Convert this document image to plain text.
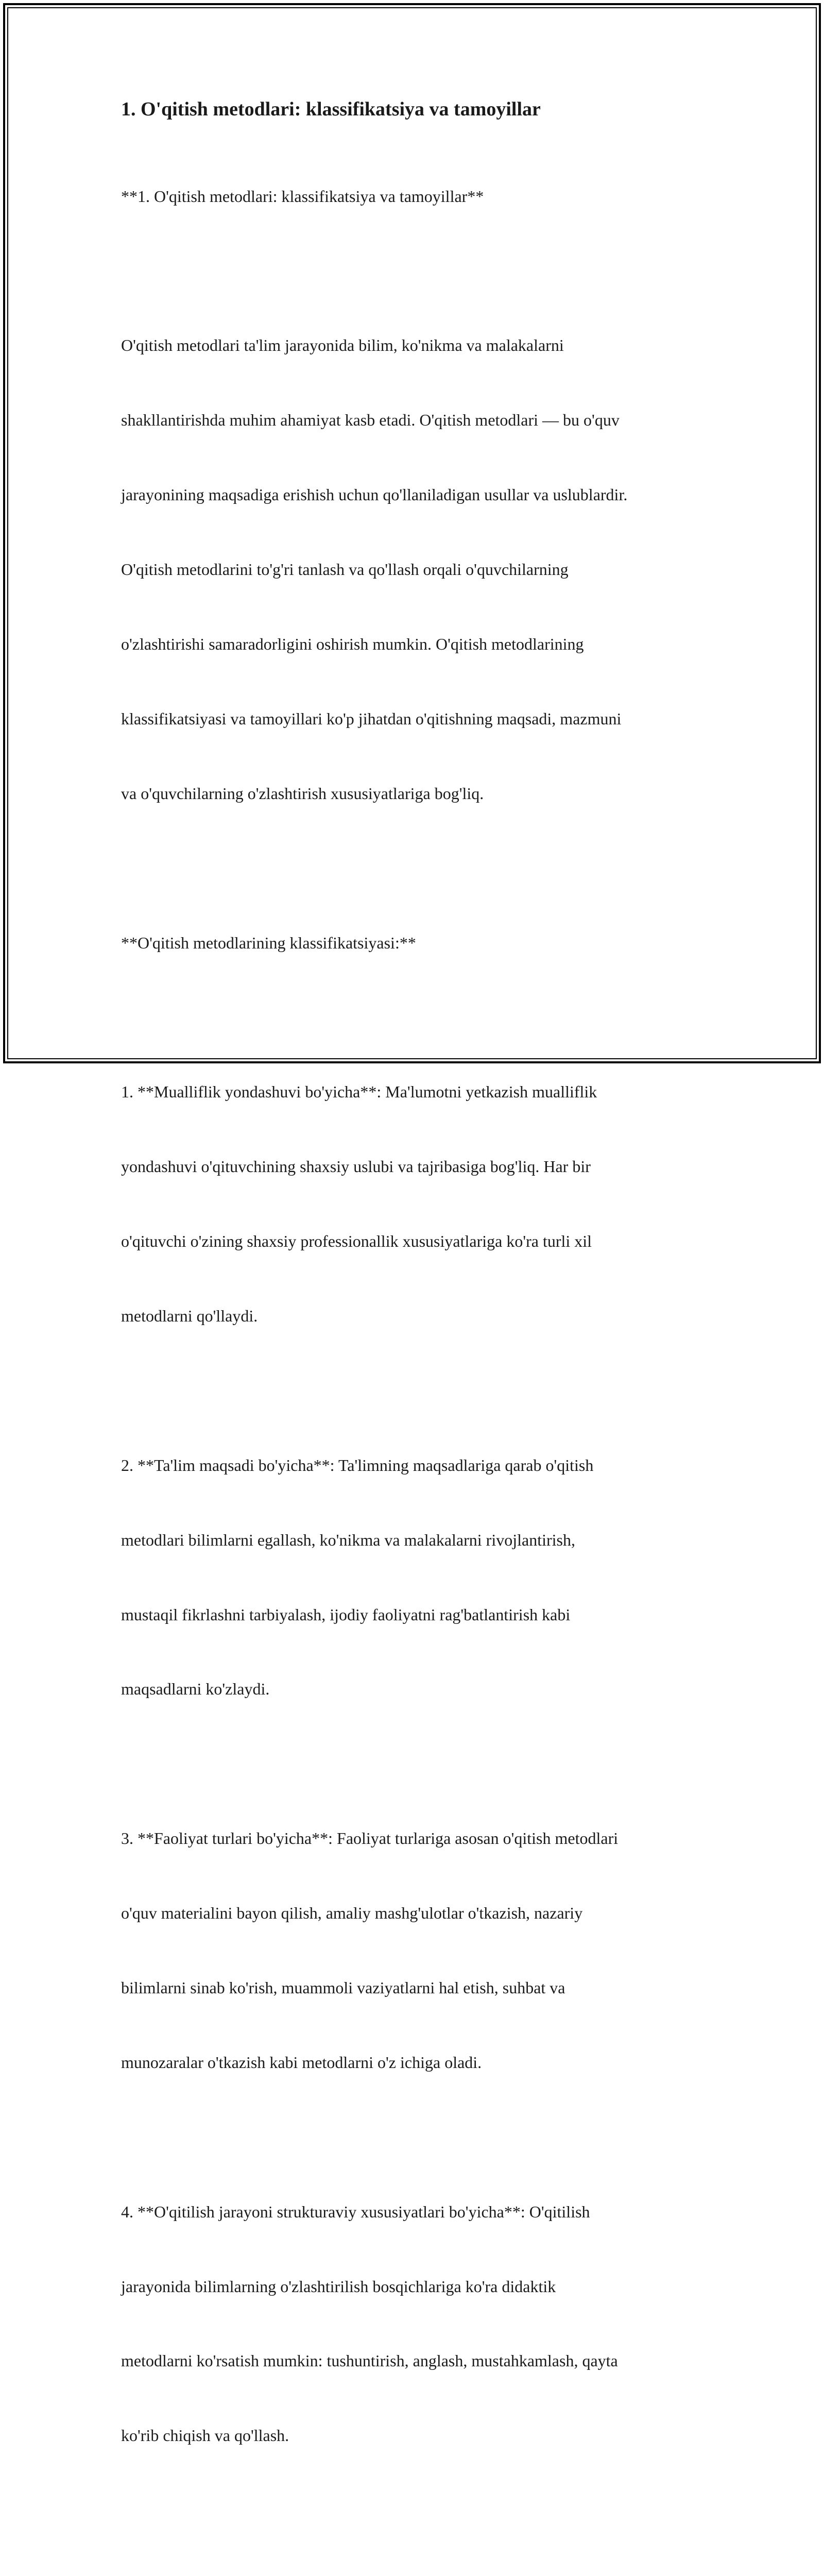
1. O'qitish metodlari: klassifikatsiya va tamoyillar

**1. O'qitish metodlari: klassifikatsiya va tamoyillar**

O'qitish metodlari ta'lim jarayonida bilim, ko'nikma va malakalarni

shakllantirishda muhim ahamiyat kasb etadi. O'qitish metodlari — bu o'quv

jarayonining maqsadiga erishish uchun qo'llaniladigan usullar va uslublardir.

O'qitish metodlarini to'g'ri tanlash va qo'llash orqali o'quvchilarning

o'zlashtirishi samaradorligini oshirish mumkin. O'qitish metodlarining

klassifikatsiyasi va tamoyillari ko'p jihatdan o'qitishning maqsadi, mazmuni

va o'quvchilarning o'zlashtirish xususiyatlariga bog'liq.

**O'qitish metodlarining klassifikatsiyasi:**

1. **Mualliflik yondashuvi bo'yicha**: Ma'lumotni yetkazish mualliflik

yondashuvi o'qituvchining shaxsiy uslubi va tajribasiga bog'liq. Har bir

o'qituvchi o'zining shaxsiy professionallik xususiyatlariga ko'ra turli xil

metodlarni qo'llaydi.

2. **Ta'lim maqsadi bo'yicha**: Ta'limning maqsadlariga qarab o'qitish

metodlari bilimlarni egallash, ko'nikma va malakalarni rivojlantirish,

mustaqil fikrlashni tarbiyalash, ijodiy faoliyatni rag'batlantirish kabi

maqsadlarni ko'zlaydi.

3. **Faoliyat turlari bo'yicha**: Faoliyat turlariga asosan o'qitish metodlari

o'quv materialini bayon qilish, amaliy mashg'ulotlar o'tkazish, nazariy

bilimlarni sinab ko'rish, muammoli vaziyatlarni hal etish, suhbat va

munozaralar o'tkazish kabi metodlarni o'z ichiga oladi.

4. **O'qitilish jarayoni strukturaviy xususiyatlari bo'yicha**: O'qitilish

jarayonida bilimlarning o'zlashtirilish bosqichlariga ko'ra didaktik

metodlarni ko'rsatish mumkin: tushuntirish, anglash, mustahkamlash, qayta

ko'rib chiqish va qo'llash.
